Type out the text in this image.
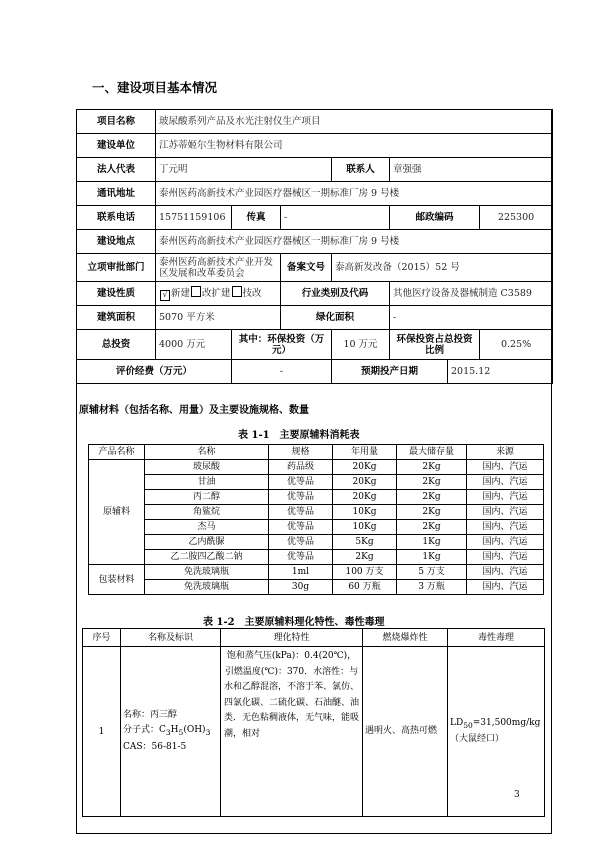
一、建设项目基本情况
项目名称	玻尿酸系列产品及水光注射仪生产项目						
建设单位	江苏蒂姬尔生物材料有限公司						
法人代表	丁元明			联系人	章强强		
通讯地址	泰州医药高新技术产业园医疗器械区一期标准厂房 9 号楼						
联系电话	15751159106	传真	-		邮政编码		225300
建设地点	泰州医药高新技术产业园医疗器械区一期标准厂房 9 号楼						
立项审批部门	泰州医药高新技术产业开发区发展和改革委员会		备案文号	泰高新发改备（2015）52 号			
建设性质	√ 新建 改扩建 技改		行业类别及代码		其他医疗设备及器械制造 C3589		
建筑面积	5070 平方米		绿化面积		-		
总投资	4000 万元	其中：环保投资（万元）		10 万元	环保投资占总投资比例		0.25%
评价经费（万元）		-		预期投产日期		2015.12	
原辅材料（包括名称、用量）及主要设施规格、数量
表 1-1　主要原辅料消耗表
产品名称	名称	规格	年用量	最大储存量	来源
原辅料	玻尿酸	药品级	20Kg	2Kg	国内、汽运
	甘油	优等品	20Kg	2Kg	国内、汽运
	丙二醇	优等品	20Kg	2Kg	国内、汽运
	角鲨烷	优等品	10Kg	2Kg	国内、汽运
	杰马	优等品	10Kg	2Kg	国内、汽运
	乙内酰脲	优等品	5Kg	1Kg	国内、汽运
	乙二胺四乙酸二钠	优等品	2Kg	1Kg	国内、汽运
包装材料	免洗玻璃瓶	1ml	100 万支	5 万支	国内、汽运
	免洗玻璃瓶	30g	60 万瓶	3 万瓶	国内、汽运
表 1-2　主要原辅料理化特性、毒性毒理
序号	名称及标识	理化特性	燃烧爆炸性	毒性毒理
1	名称：丙三醇
分子式：$C_3H_5(OH)_3$
CAS：56-81-5	饱和蒸气压(kPa)：0.4(20℃)，引燃温度(℃)：370．水溶性：与水和乙醇混溶，不溶于苯、氯仿、四氯化碳、二硫化碳、石油醚、油类．无色粘稠液体，无气味，能吸潮，相对	遇明火、高热可燃	$LD_{50}=31,500mg/kg$（大鼠经口）
3
